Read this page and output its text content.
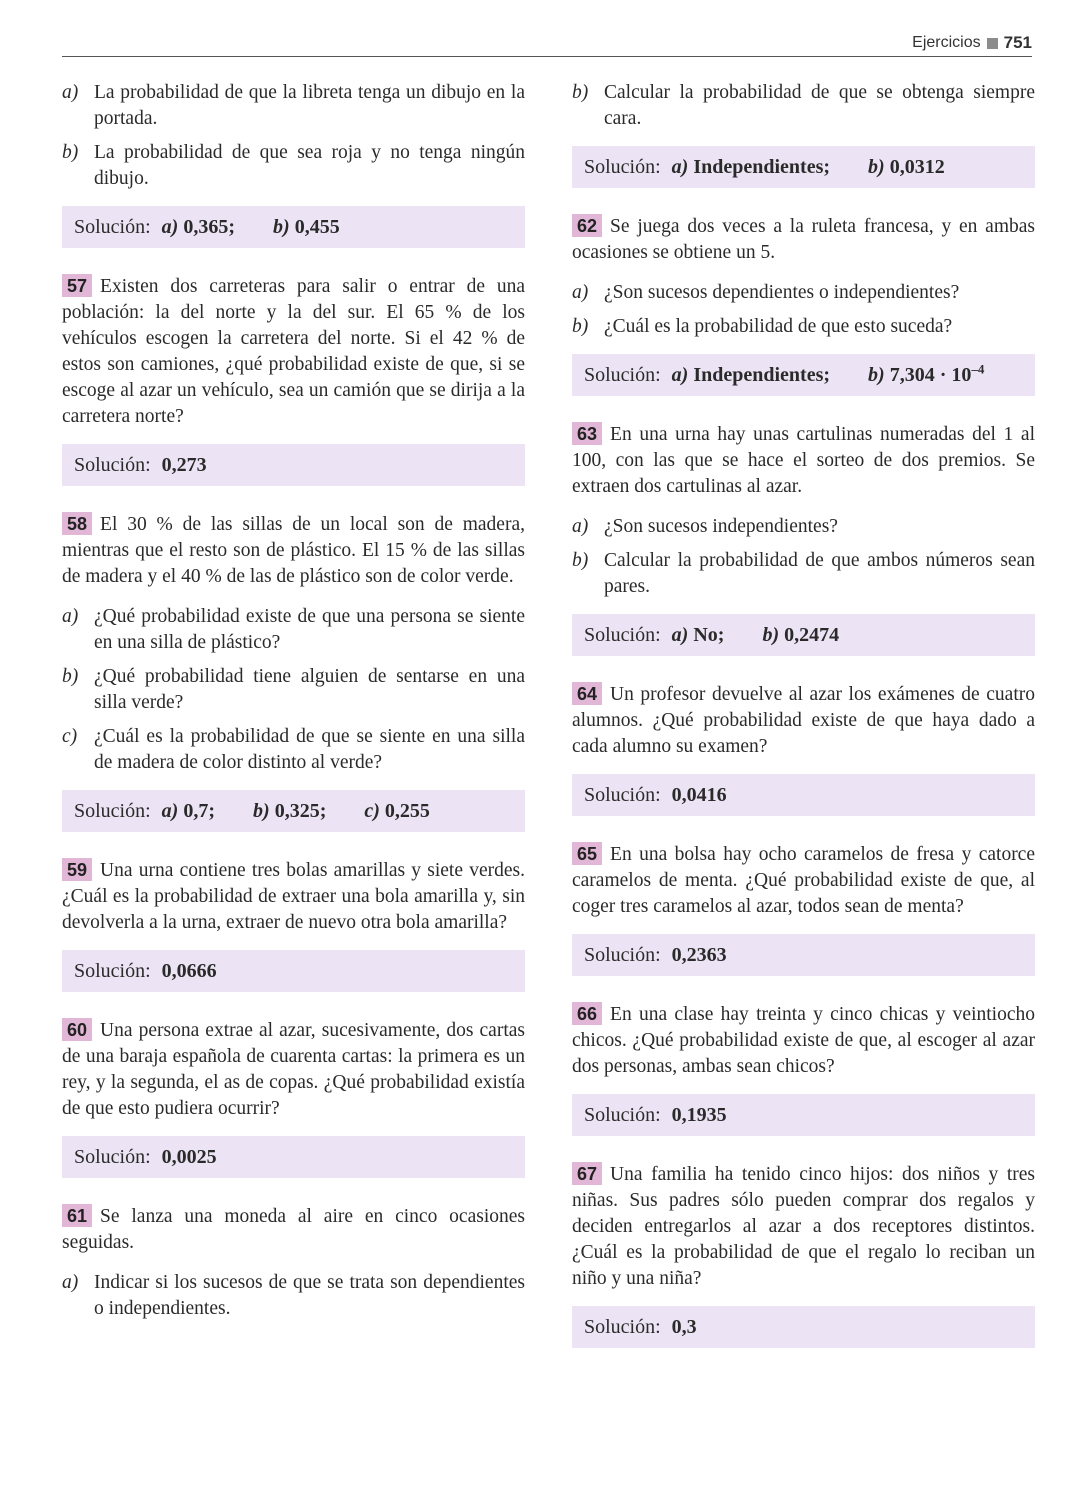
Ejercicios 751
a) La probabilidad de que la libreta tenga un dibujo en la portada.
b) La probabilidad de que sea roja y no tenga ningún dibujo.
Solución: a) 0,365; b) 0,455

57 Existen dos carreteras para salir o entrar de una población: la del norte y la del sur. El 65 % de los vehículos escogen la carretera del norte. Si el 42 % de estos son camiones, ¿qué probabilidad existe de que, si se escoge al azar un vehículo, sea un camión que se dirija a la carretera norte?

Solución: 0,273

58 El 30 % de las sillas de un local son de madera, mientras que el resto son de plástico. El 15 % de las sillas de madera y el 40 % de las de plástico son de color verde.

a) ¿Qué probabilidad existe de que una persona se siente en una silla de plástico?
b) ¿Qué probabilidad tiene alguien de sentarse en una silla verde?
c) ¿Cuál es la probabilidad de que se siente en una silla de madera de color distinto al verde?
Solución: a) 0,7; b) 0,325; c) 0,255

59 Una urna contiene tres bolas amarillas y siete verdes. ¿Cuál es la probabilidad de extraer una bola amarilla y, sin devolverla a la urna, extraer de nuevo otra bola amarilla?

Solución: 0,0666

60 Una persona extrae al azar, sucesivamente, dos cartas de una baraja española de cuarenta cartas: la primera es un rey, y la segunda, el as de copas. ¿Qué probabilidad existía de que esto pudiera ocurrir?

Solución: 0,0025

61 Se lanza una moneda al aire en cinco ocasiones seguidas.

a) Indicar si los sucesos de que se trata son dependientes o independientes.
b) Calcular la probabilidad de que se obtenga siempre cara.
Solución: a) Independientes; b) 0,0312

62 Se juega dos veces a la ruleta francesa, y en ambas ocasiones se obtiene un 5.

a) ¿Son sucesos dependientes o independientes?
b) ¿Cuál es la probabilidad de que esto suceda?
Solución: a) Independientes; b) $7,304 \cdot 10^{-4}$

63 En una urna hay unas cartulinas numeradas del 1 al 100, con las que se hace el sorteo de dos premios. Se extraen dos cartulinas al azar.

a) ¿Son sucesos independientes?
b) Calcular la probabilidad de que ambos números sean pares.
Solución: a) No; b) 0,2474

64 Un profesor devuelve al azar los exámenes de cuatro alumnos. ¿Qué probabilidad existe de que haya dado a cada alumno su examen?

Solución: 0,0416

65 En una bolsa hay ocho caramelos de fresa y catorce caramelos de menta. ¿Qué probabilidad existe de que, al coger tres caramelos al azar, todos sean de menta?

Solución: 0,2363

66 En una clase hay treinta y cinco chicas y veintiocho chicos. ¿Qué probabilidad existe de que, al escoger al azar dos personas, ambas sean chicos?

Solución: 0,1935

67 Una familia ha tenido cinco hijos: dos niños y tres niñas. Sus padres sólo pueden comprar dos regalos y deciden entregarlos al azar a dos receptores distintos. ¿Cuál es la probabilidad de que el regalo lo reciban un niño y una niña?

Solución: 0,3
